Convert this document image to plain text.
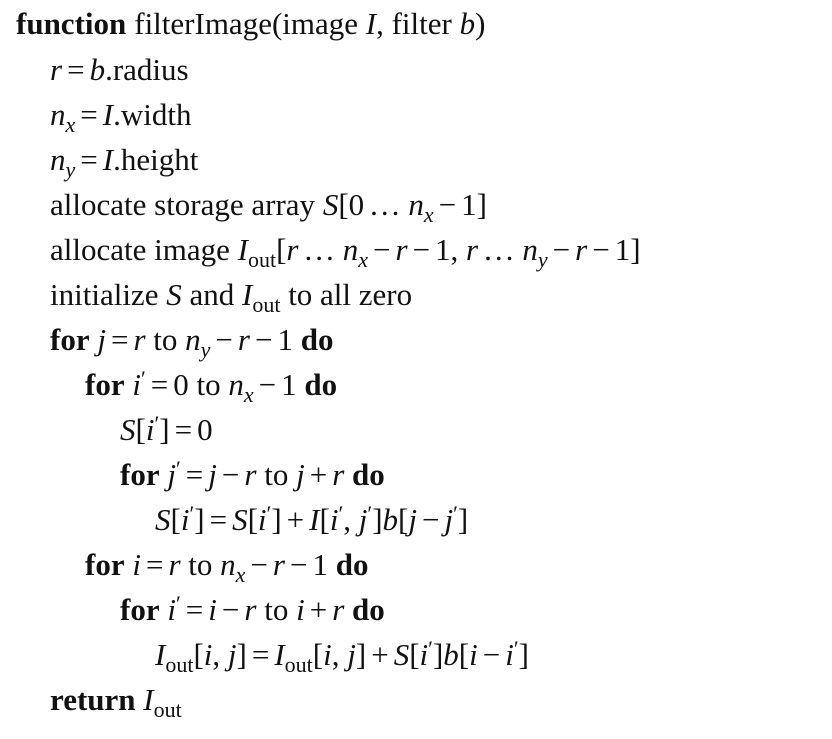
function filterImage(image I, filter b)
r = b.radius
$n_x$ = I.width
$n_y$ = I.height
allocate storage array S[0 ... $n_x - 1$]
allocate image $I_{out}[r$ ... $n_x - r - 1$, r ... $n_y - r - 1$]
initialize S and $I_{out}$ to all zero
for j = r to $n_y - r - 1$ do
for i′ = 0 to $n_x - 1$ do
S[i′] = 0
for j′ = j − r to j + r do
S[i′] = S[i′] + I[i′, j′]b[j − j′]
for i = r to $n_x - r - 1$ do
for i′ = i − r to i + r do
$I_{out}[i$, $j] = I_{out}[i$, j] + S[i′]b[i − i′]
return $I_{out}$
